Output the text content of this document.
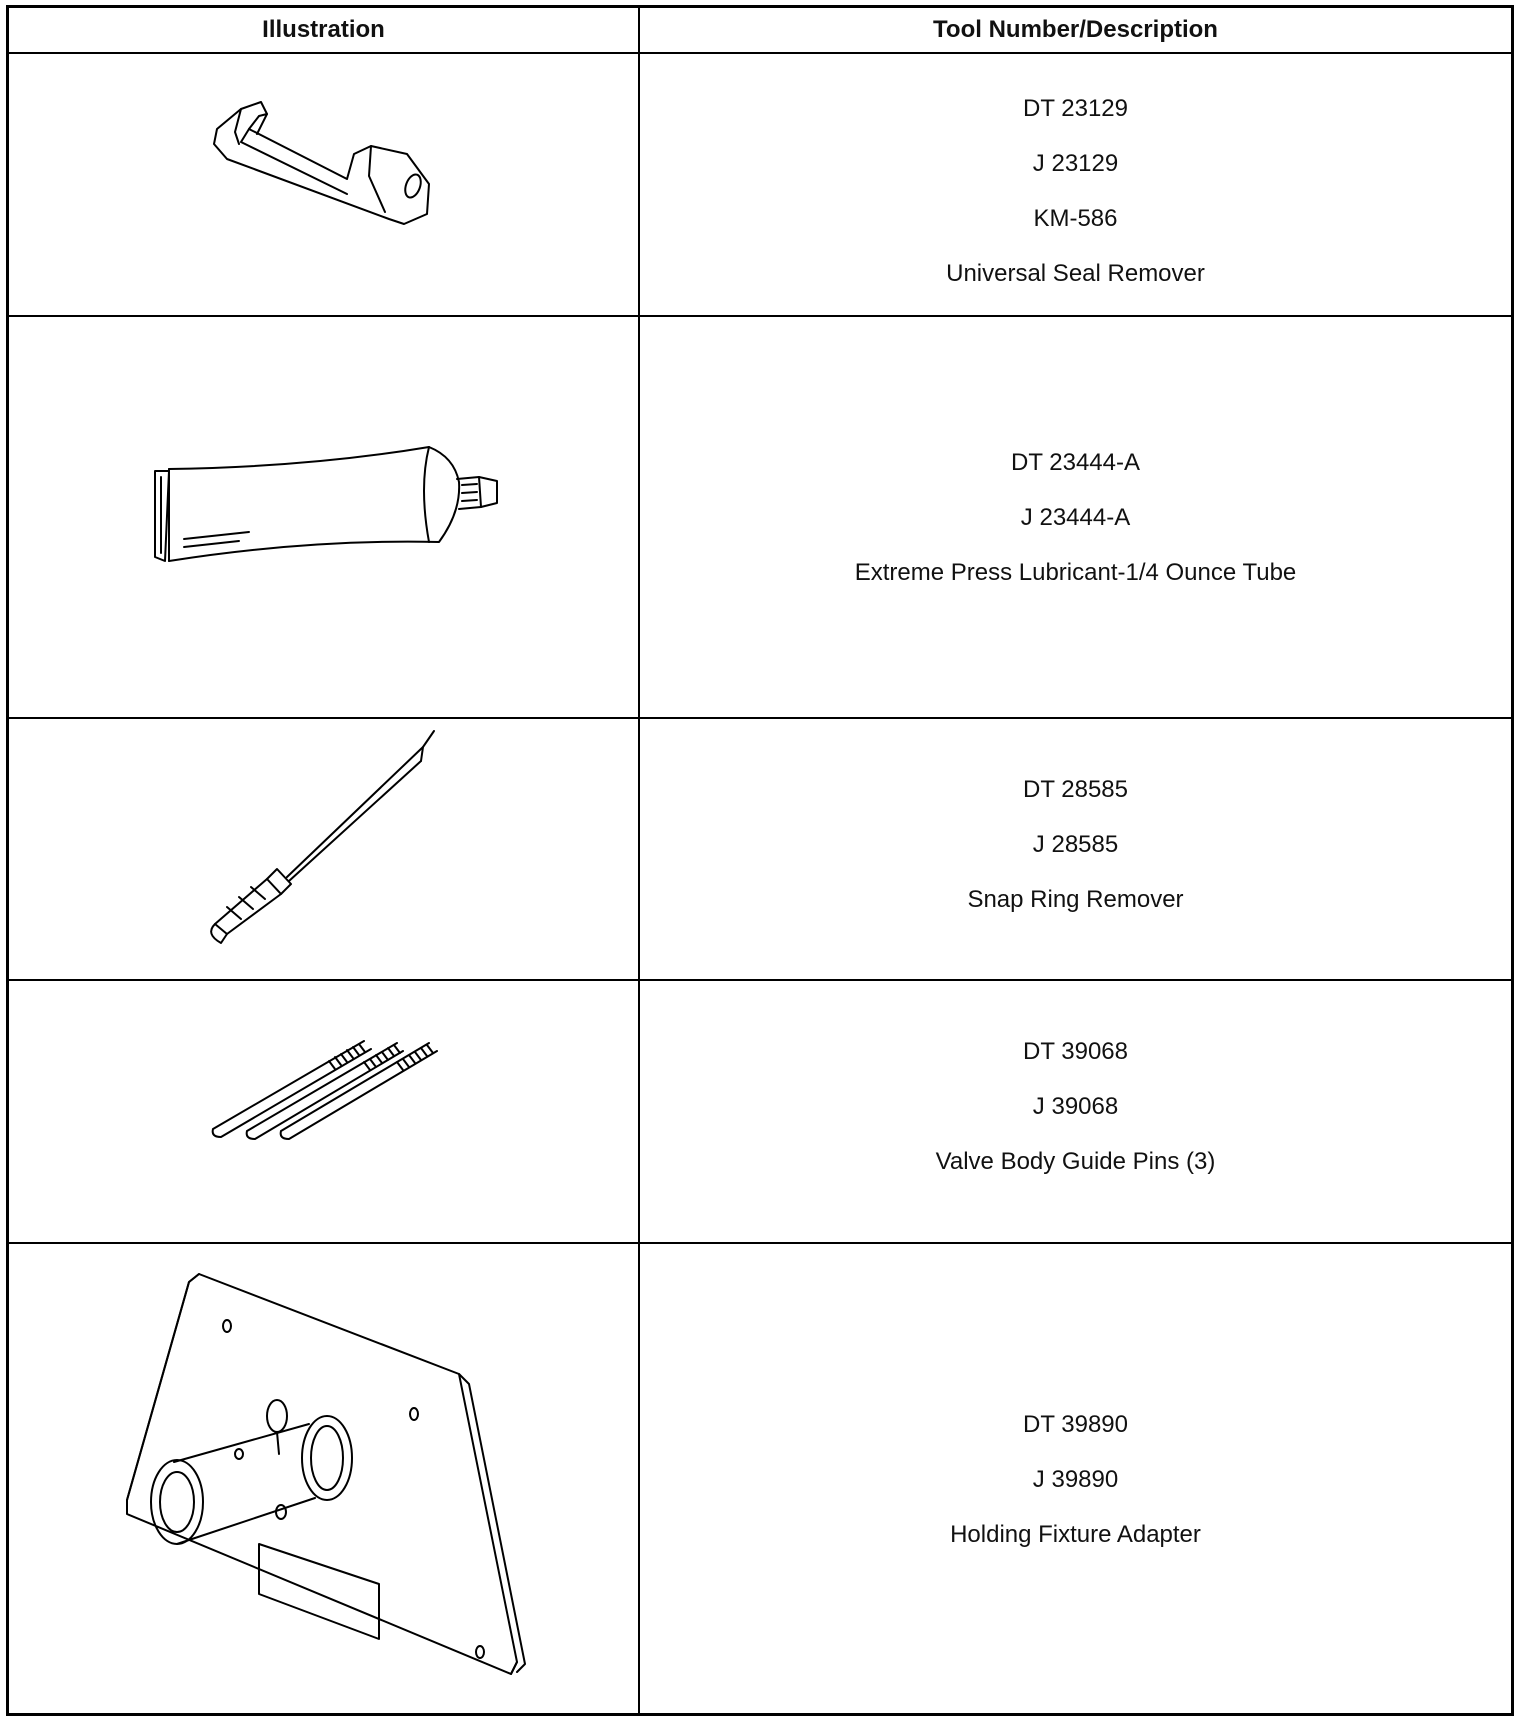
Illustration	Tool Number/Description
DT 23129
J 23129
KM-586
Universal Seal Remover
DT 23444-A
J 23444-A
Extreme Press Lubricant-1/4 Ounce Tube
DT 28585
J 28585
Snap Ring Remover
DT 39068
J 39068
Valve Body Guide Pins (3)
DT 39890
J 39890
Holding Fixture Adapter
